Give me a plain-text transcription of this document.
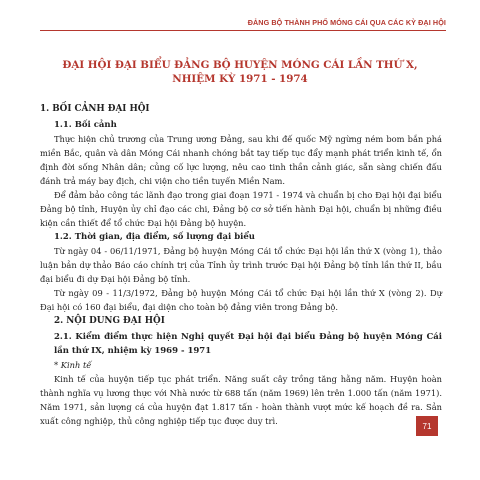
ĐẢNG BỘ THÀNH PHỐ MÓNG CÁI QUA CÁC KỲ ĐẠI HỘI
ĐẠI HỘI ĐẠI BIỂU ĐẢNG BỘ HUYỆN MÓNG CÁI LẦN THỨ X,
NHIỆM KỲ 1971 - 1974
1. BỐI CẢNH ĐẠI HỘI
1.1. Bối cảnh

Thực hiện chủ trương của Trung ương Đảng, sau khi đế quốc Mỹ ngừng ném bom bắn phá miền Bắc, quân và dân Móng Cái nhanh chóng bắt tay tiếp tục đẩy mạnh phát triển kinh tế, ổn định đời sống Nhân dân; củng cố lực lượng, nêu cao tinh thần cảnh giác, sẵn sàng chiến đấu đánh trả máy bay địch, chi viện cho tiền tuyến Miền Nam.

Để đảm bảo công tác lãnh đạo trong giai đoạn 1971 - 1974 và chuẩn bị cho Đại hội đại biểu Đảng bộ tỉnh, Huyện ủy chỉ đạo các chi, Đảng bộ cơ sở tiến hành Đại hội, chuẩn bị những điều kiện cần thiết để tổ chức Đại hội Đảng bộ huyện.

1.2. Thời gian, địa điểm, số lượng đại biểu

Từ ngày 04 - 06/11/1971, Đảng bộ huyện Móng Cái tổ chức Đại hội lần thứ X (vòng 1), thảo luận bản dự thảo Báo cáo chính trị của Tỉnh ủy trình trước Đại hội Đảng bộ tỉnh lần thứ II, bầu đại biểu đi dự Đại hội Đảng bộ tỉnh.

Từ ngày 09 - 11/3/1972, Đảng bộ huyện Móng Cái tổ chức Đại hội lần thứ X (vòng 2). Dự Đại hội có 160 đại biểu, đại diện cho toàn bộ đảng viên trong Đảng bộ.

2. NỘI DUNG ĐẠI HỘI
2.1. Kiểm điểm thực hiện Nghị quyết Đại hội đại biểu Đảng bộ huyện Móng Cái lần thứ IX, nhiệm kỳ 1969 - 1971
* Kinh tế

Kinh tế của huyện tiếp tục phát triển. Năng suất cây trồng tăng hằng năm. Huyện hoàn thành nghĩa vụ lương thực với Nhà nước từ 688 tấn (năm 1969) lên trên 1.000 tấn (năm 1971). Năm 1971, sản lượng cá của huyện đạt 1.817 tấn - hoàn thành vượt mức kế hoạch đề ra. Sản xuất công nghiệp, thủ công nghiệp tiếp tục được duy trì.	71
